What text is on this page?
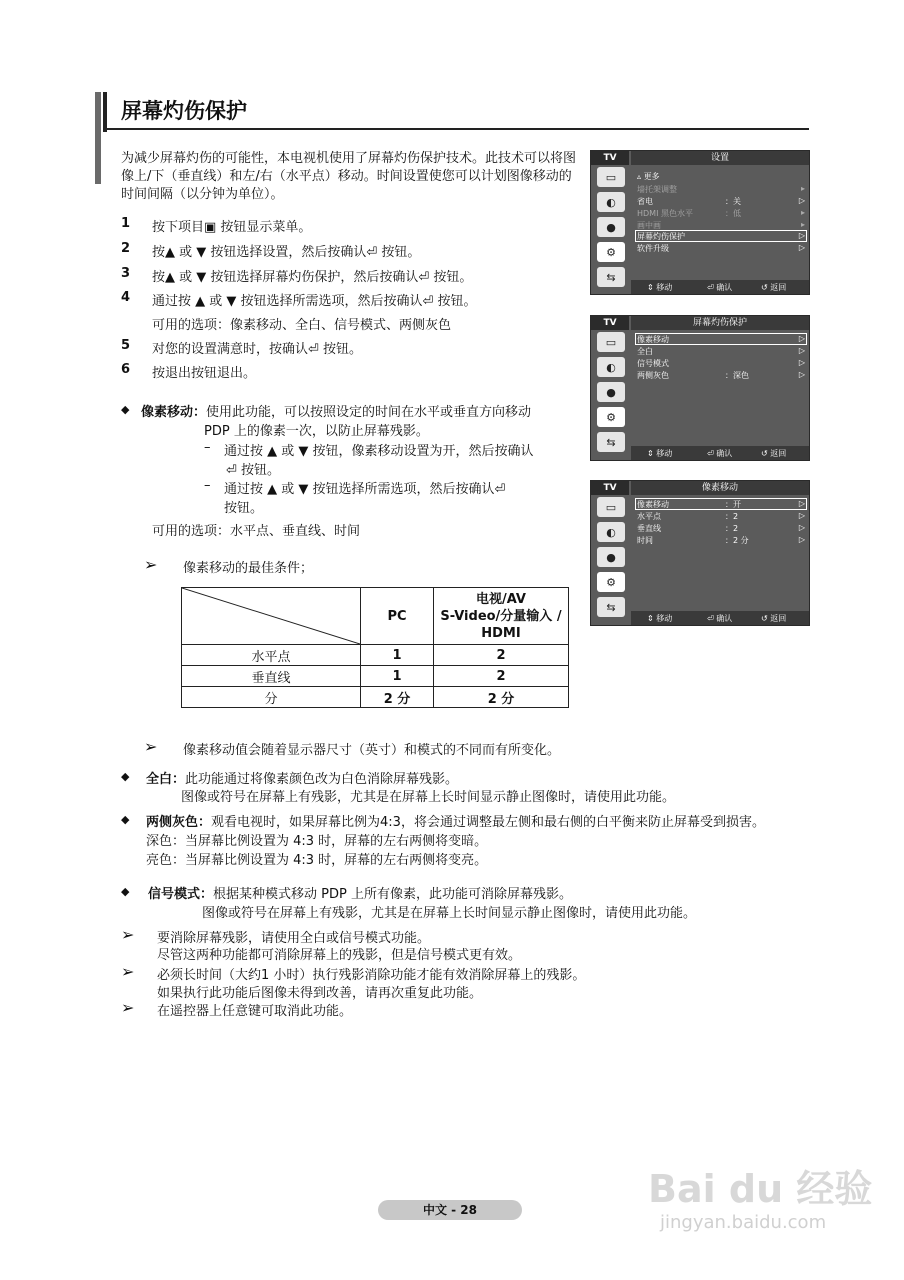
屏幕灼伤保护
为减少屏幕灼伤的可能性，本电视机使用了屏幕灼伤保护技术。此技术可以将图像上/下（垂直线）和左/右（水平点）移动。时间设置使您可以计划图像移动的时间间隔（以分钟为单位）。
1 按下项目▣ 按钮显示菜单。
2 按▲ 或 ▼ 按钮选择设置，然后按确认⏎ 按钮。
3 按▲ 或 ▼ 按钮选择屏幕灼伤保护，然后按确认⏎ 按钮。
4 通过按 ▲ 或 ▼ 按钮选择所需选项，然后按确认⏎ 按钮。
可用的选项：像素移动、全白、信号模式、两侧灰色
5 对您的设置满意时，按确认⏎ 按钮。
6 按退出按钮退出。
◆ 像素移动：使用此功能，可以按照设定的时间在水平或垂直方向移动
PDP 上的像素一次，以防止屏幕残影。
– 通过按 ▲ 或 ▼ 按钮，像素移动设置为开，然后按确认
⏎ 按钮。
– 通过按 ▲ 或 ▼ 按钮选择所需选项，然后按确认⏎
按钮。
可用的选项：水平点、垂直线、时间
➢ 像素移动的最佳条件；
	PC	电视/AV
S-Video/分量输入 /
HDMI

水平点	1	2
垂直线	1	2
分	2 分	2 分
➢ 像素移动值会随着显示器尺寸（英寸）和模式的不同而有所变化。
◆ 全白：此功能通过将像素颜色改为白色消除屏幕残影。
图像或符号在屏幕上有残影，尤其是在屏幕上长时间显示静止图像时，请使用此功能。
◆ 两侧灰色：观看电视时，如果屏幕比例为4:3，将会通过调整最左侧和最右侧的白平衡来防止屏幕受到损害。
深色：当屏幕比例设置为 4:3 时，屏幕的左右两侧将变暗。
亮色：当屏幕比例设置为 4:3 时，屏幕的左右两侧将变亮。
◆ 信号模式：根据某种模式移动 PDP 上所有像素，此功能可消除屏幕残影。
图像或符号在屏幕上有残影，尤其是在屏幕上长时间显示静止图像时，请使用此功能。
➢ 要消除屏幕残影，请使用全白或信号模式功能。
尽管这两种功能都可消除屏幕上的残影，但是信号模式更有效。
➢ 必须长时间（大约1 小时）执行残影消除功能才能有效消除屏幕上的残影。
如果执行此功能后图像未得到改善，请再次重复此功能。
➢ 在遥控器上任意键可取消此功能。
TV	设置
▭
◐
●
⚙
⇆
▵ 更多
墙托架调整	▸
省电	：关	▷
HDMI 黑色水平	：低	▸
画中画	▸
屏幕灼伤保护	▷
软件升级	▷
⇕ 移动	⏎ 确认	↺ 返回
TV	屏幕灼伤保护
▭
◐
●
⚙
⇆
像素移动	▷
全白	▷
信号模式	▷
两侧灰色	：深色	▷
⇕ 移动	⏎ 确认	↺ 返回
TV	像素移动
▭
◐
●
⚙
⇆
像素移动	：开	▷
水平点	：2	▷
垂直线	：2	▷
时间	：2 分	▷
⇕ 移动	⏎ 确认	↺ 返回
Bai du 经验
jingyan.baidu.com
中文 - 28
